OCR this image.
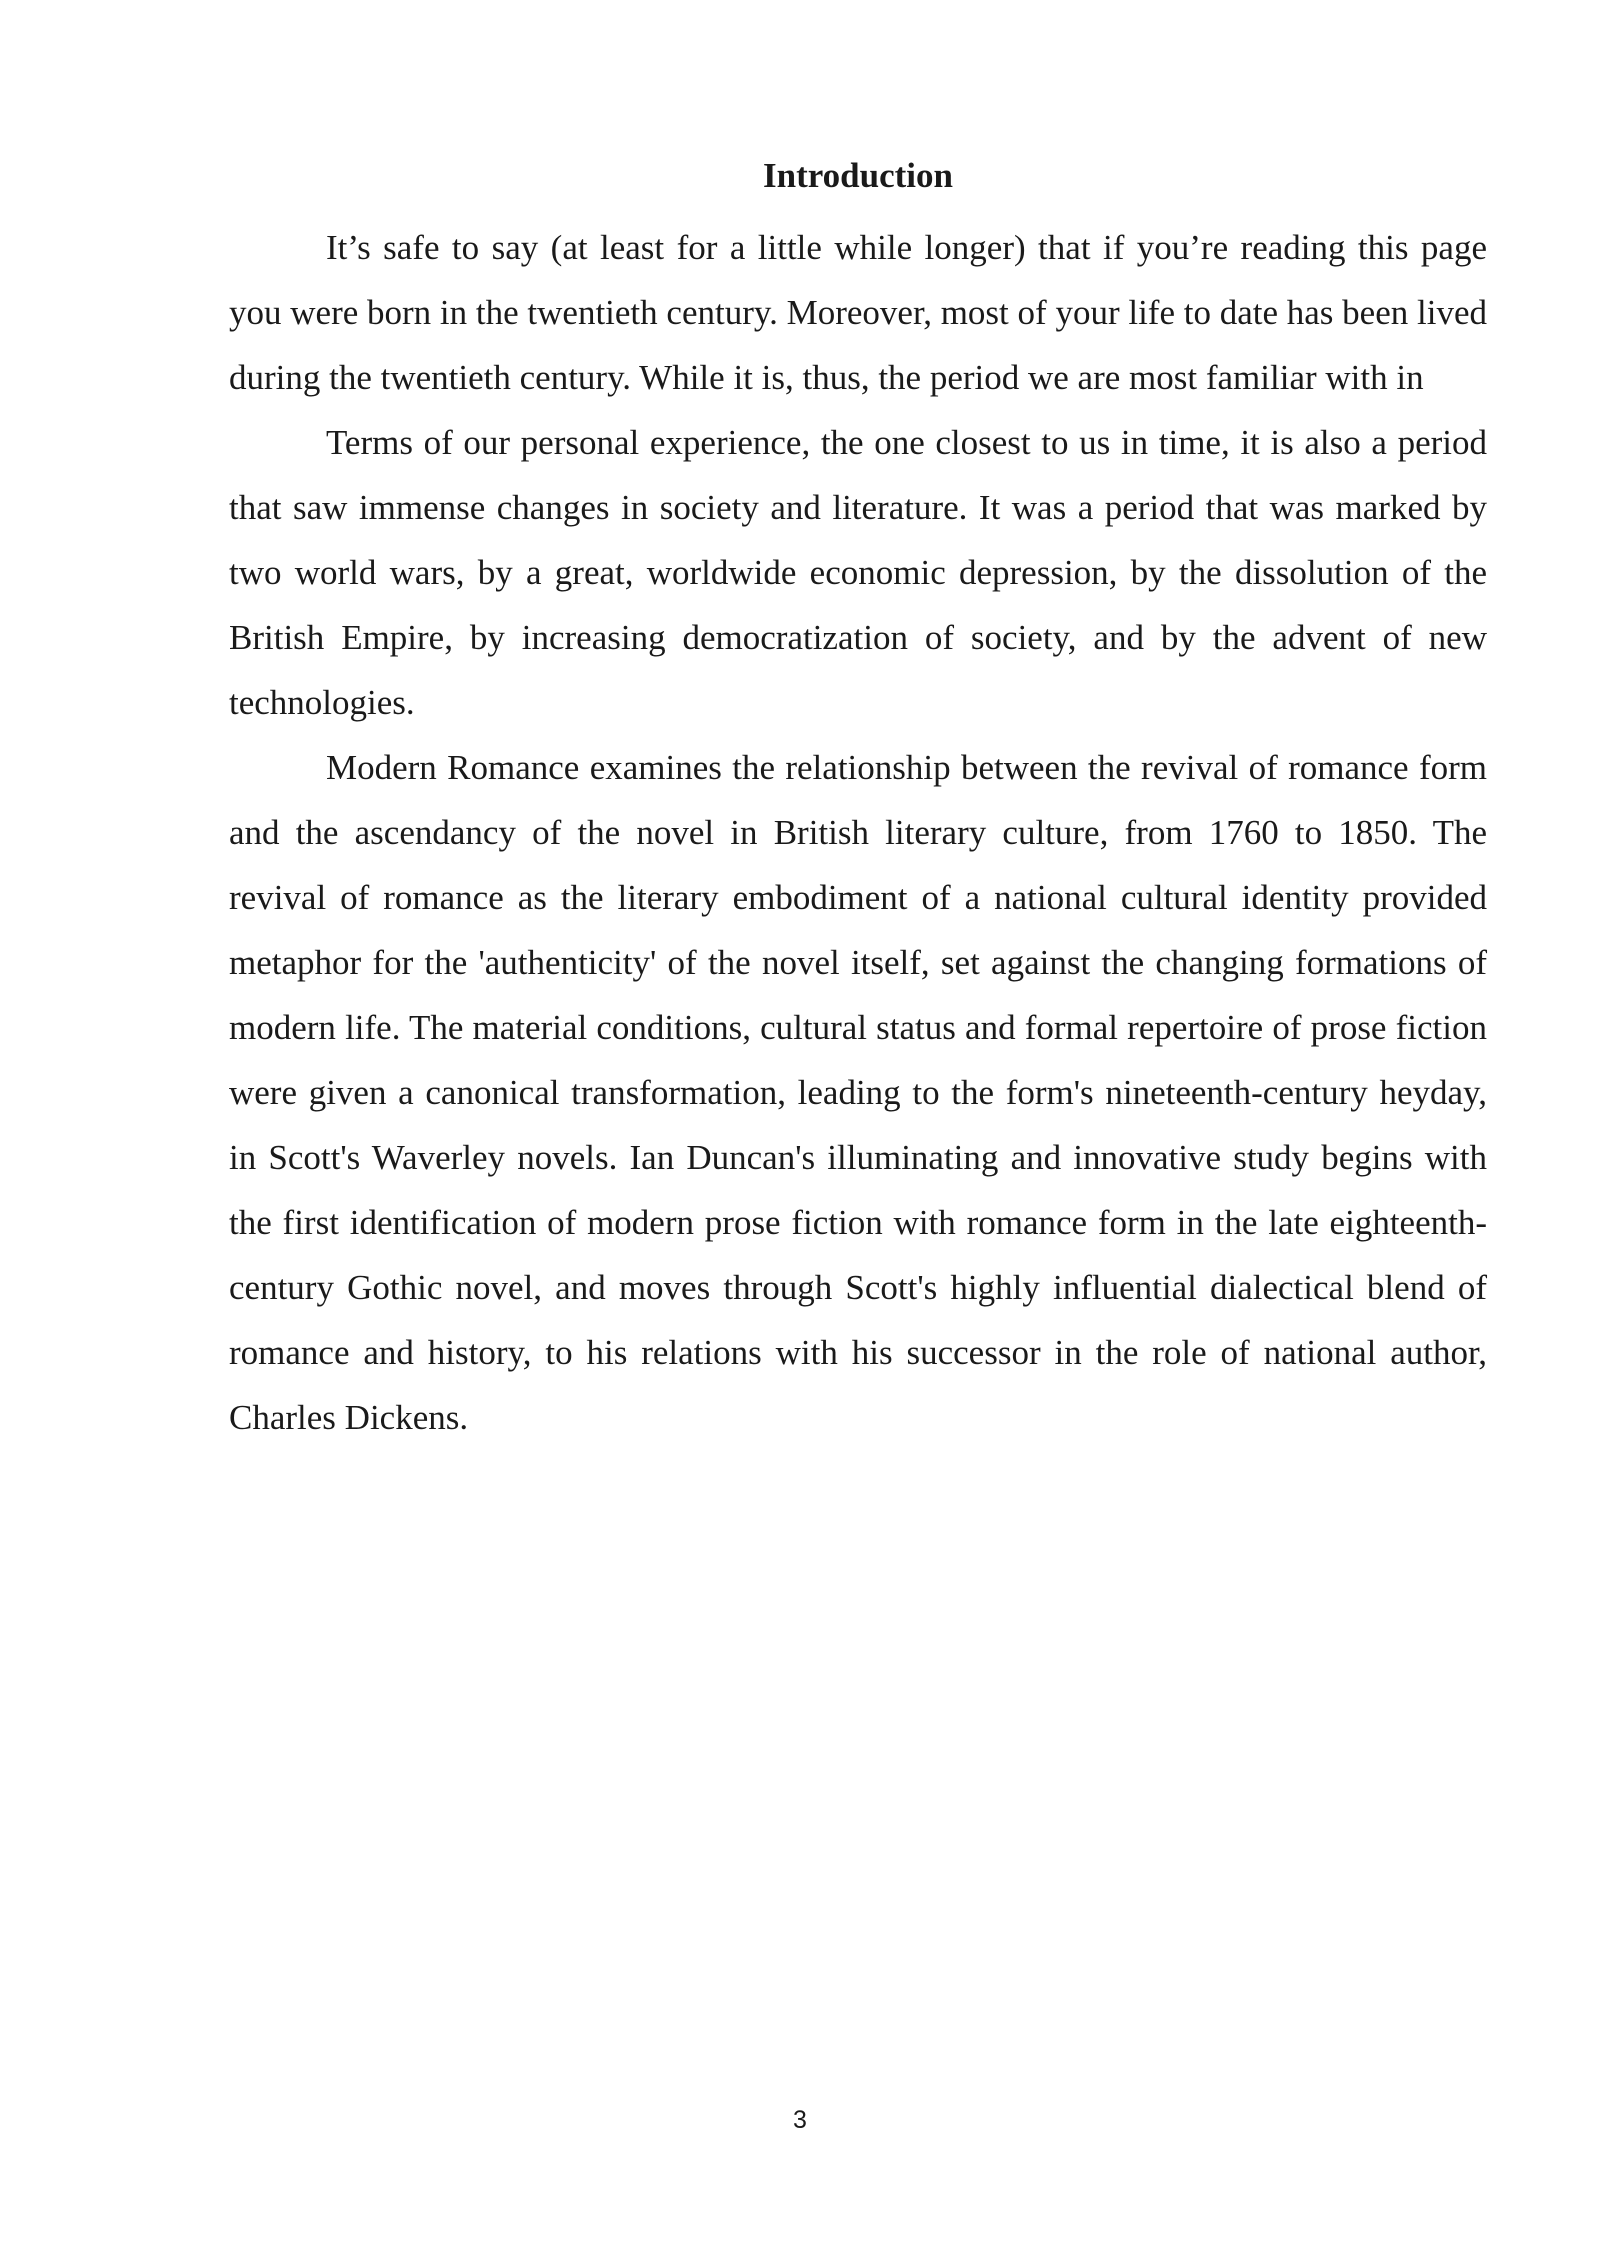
Introduction

It’s safe to say (at least for a little while longer) that if you’re reading this page you were born in the twentieth century. Moreover, most of your life to date has been lived during the twentieth century. While it is, thus, the period we are most familiar with in

Terms of our personal experience, the one closest to us in time, it is also a period that saw immense changes in society and literature. It was a period that was marked by two world wars, by a great, worldwide economic depression, by the dissolution of the British Empire, by increasing democratization of society, and by the advent of new technologies.

Modern Romance examines the relationship between the revival of romance form and the ascendancy of the novel in British literary culture, from 1760 to 1850. The revival of romance as the literary embodiment of a national cultural identity provided metaphor for the 'authenticity' of the novel itself, set against the changing formations of modern life. The material conditions, cultural status and formal repertoire of prose fiction were given a canonical transformation, leading to the form's nineteenth-century heyday, in Scott's Waverley novels. Ian Duncan's illuminating and innovative study begins with the first identification of modern prose fiction with romance form in the late eighteenth-century Gothic novel, and moves through Scott's highly influential dialectical blend of romance and history, to his relations with his successor in the role of national author, Charles Dickens.

3
